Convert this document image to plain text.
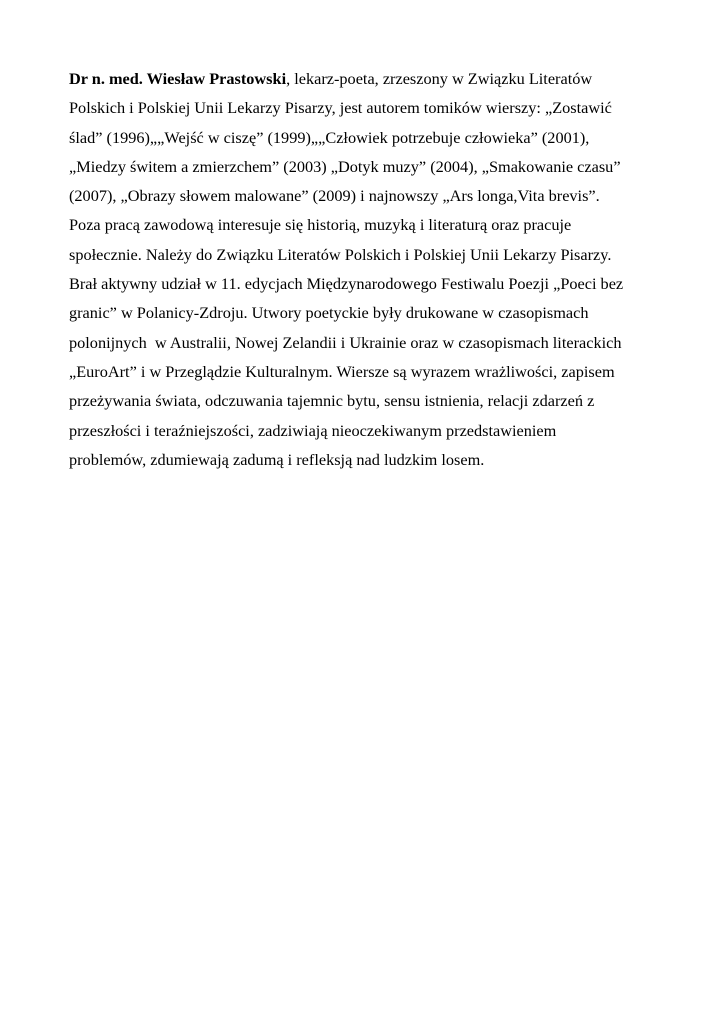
Dr n. med. Wiesław Prastowski, lekarz-poeta, zrzeszony w Związku Literatów
Polskich i Polskiej Unii Lekarzy Pisarzy, jest autorem tomików wierszy: „Zostawić
ślad” (1996)„„Wejść w ciszę” (1999)„„Człowiek potrzebuje człowieka” (2001),
„Miedzy świtem a zmierzchem” (2003) „Dotyk muzy” (2004), „Smakowanie czasu”
(2007), „Obrazy słowem malowane” (2009) i najnowszy „Ars longa,Vita brevis”.
Poza pracą zawodową interesuje się historią, muzyką i literaturą oraz pracuje
społecznie. Należy do Związku Literatów Polskich i Polskiej Unii Lekarzy Pisarzy.
Brał aktywny udział w 11. edycjach Międzynarodowego Festiwalu Poezji „Poeci bez
granic” w Polanicy-Zdroju. Utwory poetyckie były drukowane w czasopismach
polonijnych  w Australii, Nowej Zelandii i Ukrainie oraz w czasopismach literackich
„EuroArt” i w Przeglądzie Kulturalnym. Wiersze są wyrazem wrażliwości, zapisem
przeżywania świata, odczuwania tajemnic bytu, sensu istnienia, relacji zdarzeń z
przeszłości i teraźniejszości, zadziwiają nieoczekiwanym przedstawieniem
problemów, zdumiewają zadumą i refleksją nad ludzkim losem.
